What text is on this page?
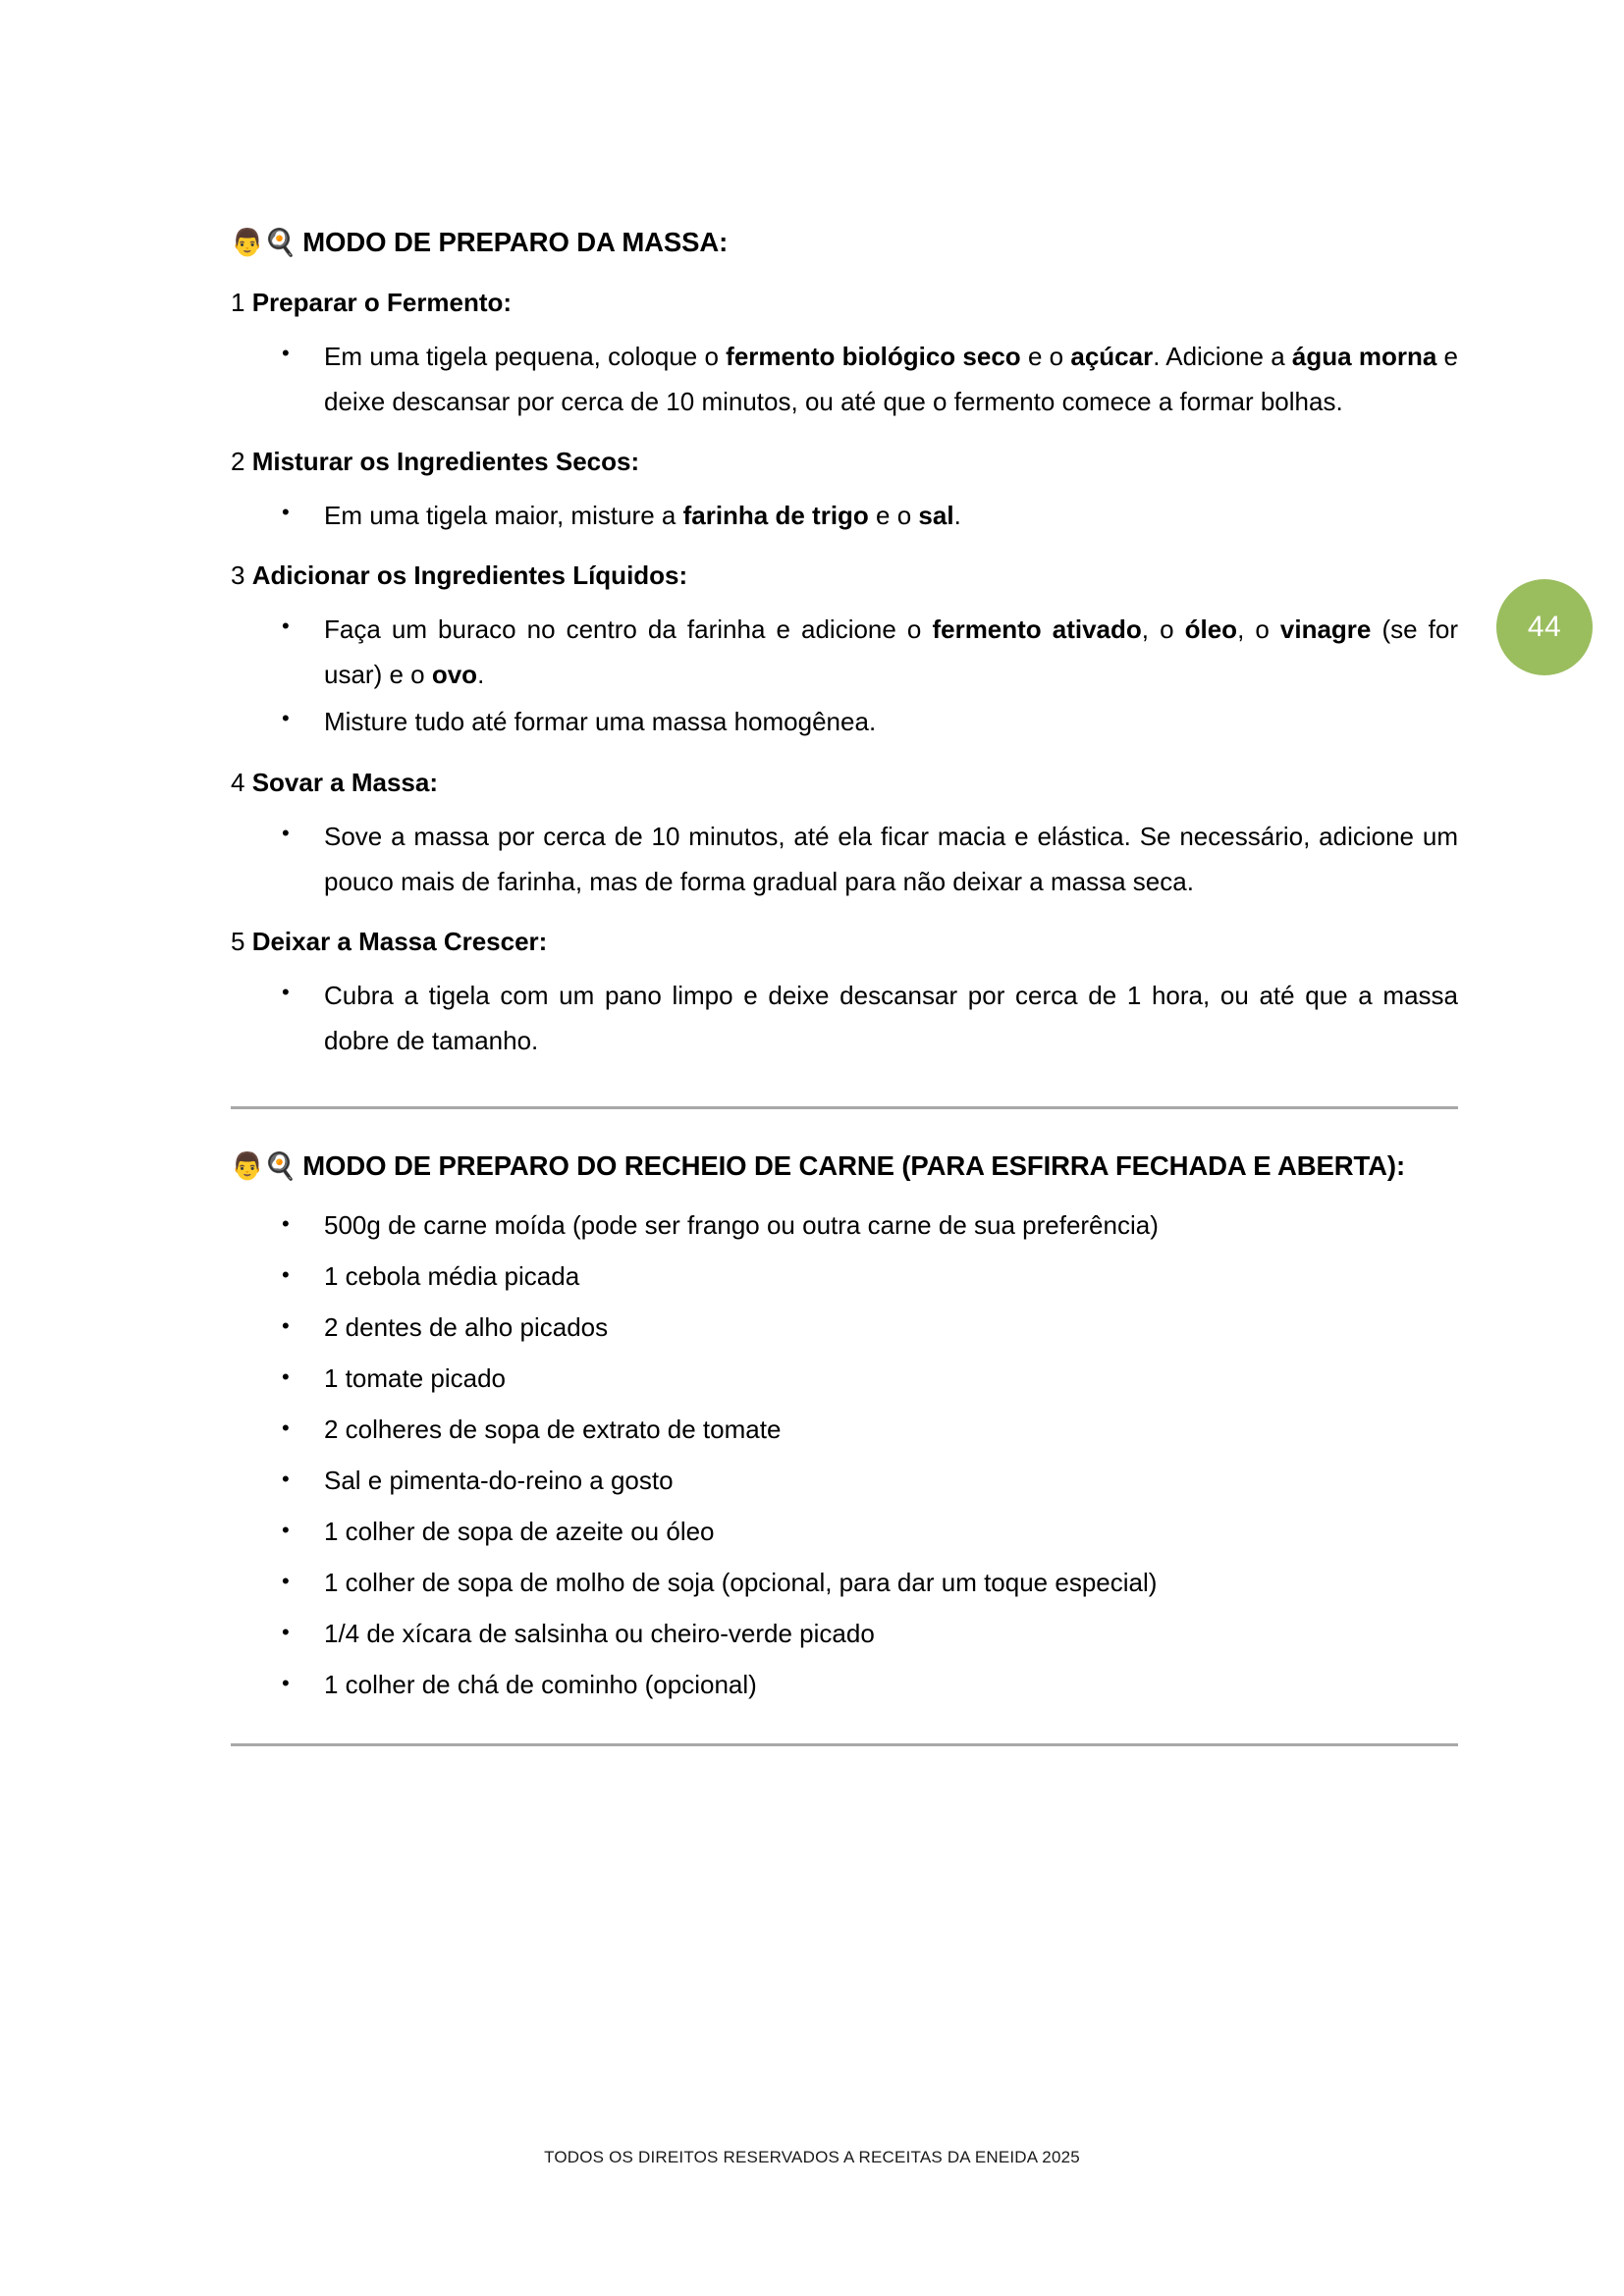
44
👨🍳 MODO DE PREPARO DA MASSA:

1 Preparar o Fermento:

• Em uma tigela pequena, coloque o fermento biológico seco e o açúcar. Adicione a água morna e deixe descansar por cerca de 10 minutos, ou até que o fermento comece a formar bolhas.

2 Misturar os Ingredientes Secos:

• Em uma tigela maior, misture a farinha de trigo e o sal.

3 Adicionar os Ingredientes Líquidos:

• Faça um buraco no centro da farinha e adicione o fermento ativado, o óleo, o vinagre (se for usar) e o ovo.
• Misture tudo até formar uma massa homogênea.

4 Sovar a Massa:

• Sove a massa por cerca de 10 minutos, até ela ficar macia e elástica. Se necessário, adicione um pouco mais de farinha, mas de forma gradual para não deixar a massa seca.

5 Deixar a Massa Crescer:

• Cubra a tigela com um pano limpo e deixe descansar por cerca de 1 hora, ou até que a massa dobre de tamanho.
👨🍳 MODO DE PREPARO DO RECHEIO DE CARNE (PARA ESFIRRA FECHADA E ABERTA):
• 500g de carne moída (pode ser frango ou outra carne de sua preferência)
• 1 cebola média picada
• 2 dentes de alho picados
• 1 tomate picado
• 2 colheres de sopa de extrato de tomate
• Sal e pimenta-do-reino a gosto
• 1 colher de sopa de azeite ou óleo
• 1 colher de sopa de molho de soja (opcional, para dar um toque especial)
• 1/4 de xícara de salsinha ou cheiro-verde picado
• 1 colher de chá de cominho (opcional)
TODOS OS DIREITOS RESERVADOS A RECEITAS DA ENEIDA 2025
